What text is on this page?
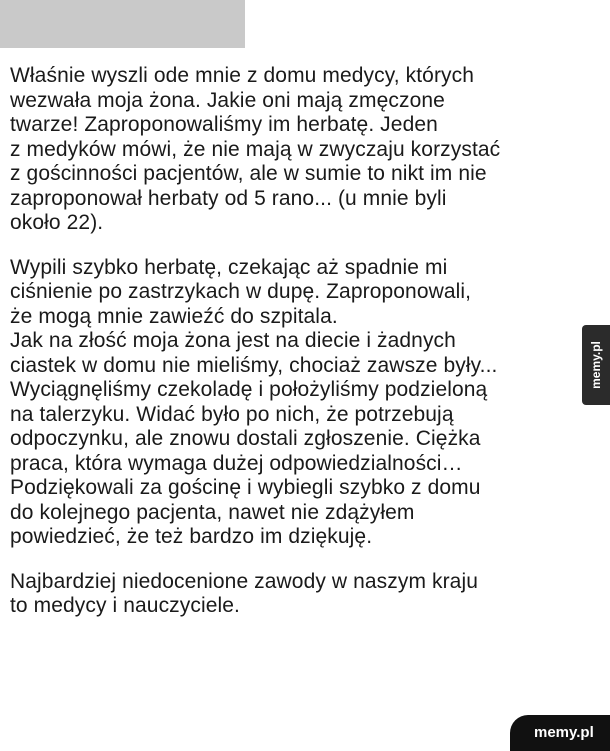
Właśnie wyszli ode mnie z domu medycy, których
wezwała moja żona. Jakie oni mają zmęczone
twarze! Zaproponowaliśmy im herbatę. Jeden
z medyków mówi, że nie mają w zwyczaju korzystać
z gościnności pacjentów, ale w sumie to nikt im nie
zaproponował herbaty od 5 rano... (u mnie byli
około 22).

Wypili szybko herbatę, czekając aż spadnie mi
ciśnienie po zastrzykach w dupę. Zaproponowali,
że mogą mnie zawieźć do szpitala.
Jak na złość moja żona jest na diecie i żadnych
ciastek w domu nie mieliśmy, chociaż zawsze były...
Wyciągnęliśmy czekoladę i położyliśmy podzieloną
na talerzyku. Widać było po nich, że potrzebują
odpoczynku, ale znowu dostali zgłoszenie. Ciężka
praca, która wymaga dużej odpowiedzialności…
Podziękowali za gościnę i wybiegli szybko z domu
do kolejnego pacjenta, nawet nie zdążyłem
powiedzieć, że też bardzo im dziękuję.

Najbardziej niedocenione zawody w naszym kraju
to medycy i nauczyciele.

memy.pl
memy.pl
